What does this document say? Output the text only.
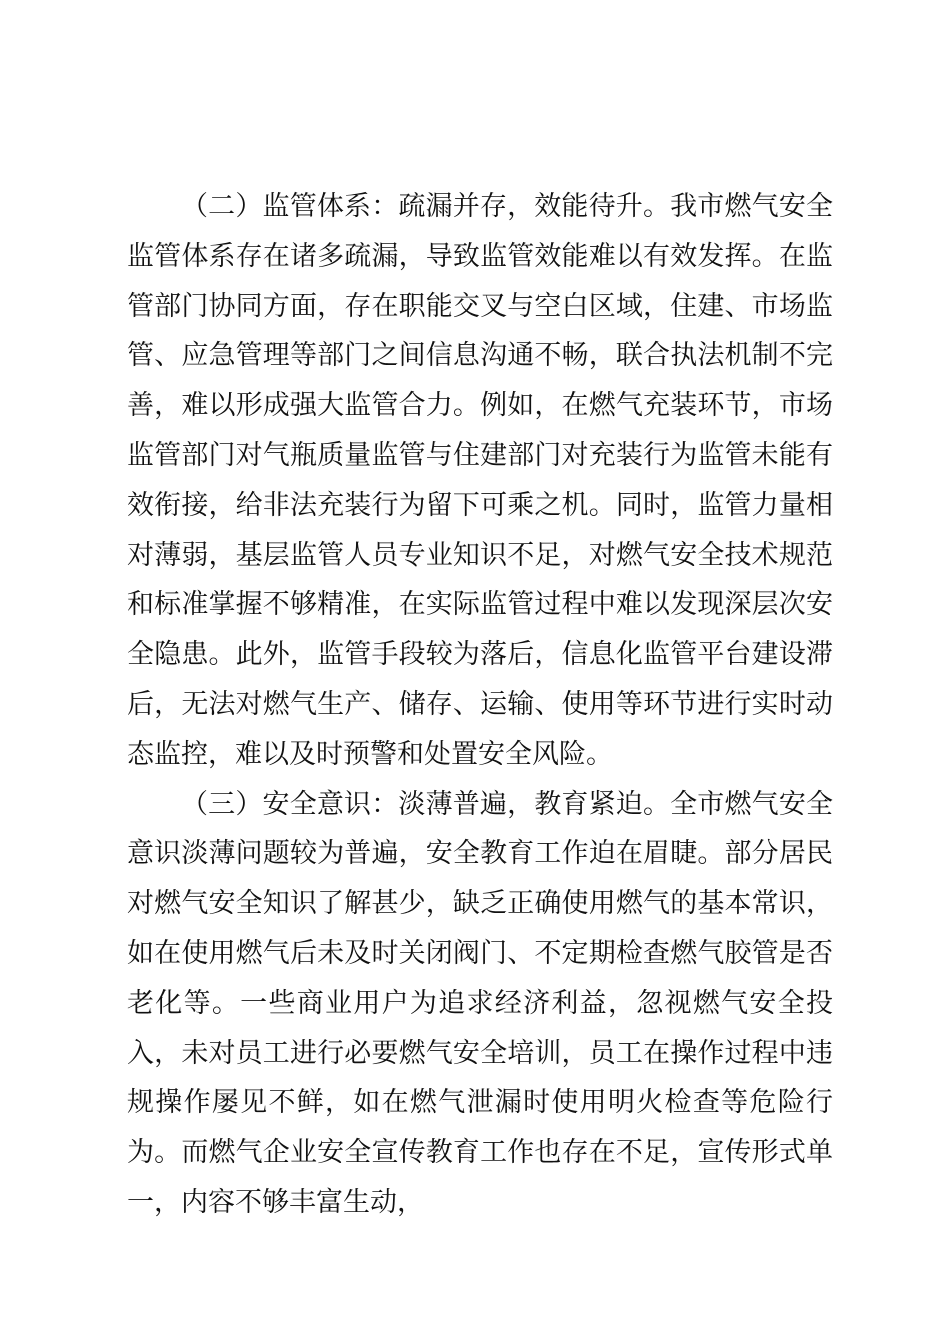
（二）监管体系：疏漏并存，效能待升。我市燃气安全监管体系存在诸多疏漏，导致监管效能难以有效发挥。在监管部门协同方面，存在职能交叉与空白区域，住建、市场监管、应急管理等部门之间信息沟通不畅，联合执法机制不完善，难以形成强大监管合力。例如，在燃气充装环节，市场监管部门对气瓶质量监管与住建部门对充装行为监管未能有效衔接，给非法充装行为留下可乘之机。同时，监管力量相对薄弱，基层监管人员专业知识不足，对燃气安全技术规范和标准掌握不够精准，在实际监管过程中难以发现深层次安全隐患。此外，监管手段较为落后，信息化监管平台建设滞后，无法对燃气生产、储存、运输、使用等环节进行实时动态监控，难以及时预警和处置安全风险。

（三）安全意识：淡薄普遍，教育紧迫。全市燃气安全意识淡薄问题较为普遍，安全教育工作迫在眉睫。部分居民对燃气安全知识了解甚少，缺乏正确使用燃气的基本常识，如在使用燃气后未及时关闭阀门、不定期检查燃气胶管是否老化等。一些商业用户为追求经济利益，忽视燃气安全投入，未对员工进行必要燃气安全培训，员工在操作过程中违规操作屡见不鲜，如在燃气泄漏时使用明火检查等危险行为。而燃气企业安全宣传教育工作也存在不足，宣传形式单一，内容不够丰富生动，
